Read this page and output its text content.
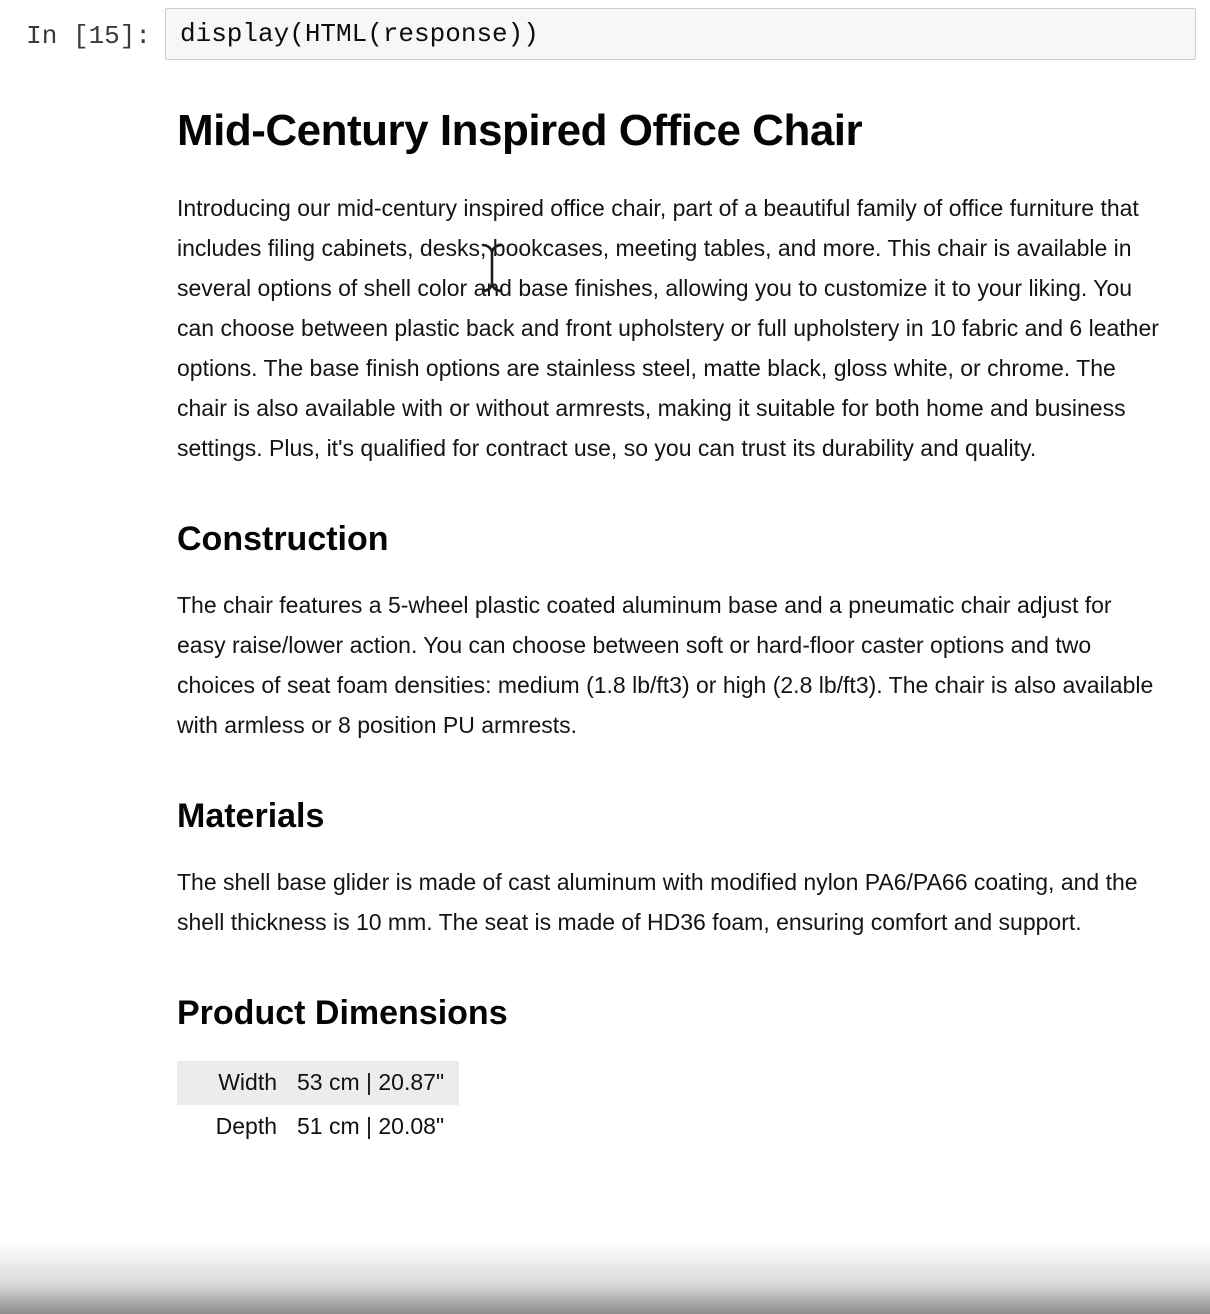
In [15]:	display(HTML(response))
Mid-Century Inspired Office Chair

Introducing our mid-century inspired office chair, part of a beautiful family of office furniture that includes filing cabinets, desks, bookcases, meeting tables, and more. This chair is available in several options of shell color and base finishes, allowing you to customize it to your liking. You can choose between plastic back and front upholstery or full upholstery in 10 fabric and 6 leather options. The base finish options are stainless steel, matte black, gloss white, or chrome. The chair is also available with or without armrests, making it suitable for both home and business settings. Plus, it's qualified for contract use, so you can trust its durability and quality.

Construction

The chair features a 5-wheel plastic coated aluminum base and a pneumatic chair adjust for easy raise/lower action. You can choose between soft or hard-floor caster options and two choices of seat foam densities: medium (1.8 lb/ft3) or high (2.8 lb/ft3). The chair is also available with armless or 8 position PU armrests.

Materials

The shell base glider is made of cast aluminum with modified nylon PA6/PA66 coating, and the shell thickness is 10 mm. The seat is made of HD36 foam, ensuring comfort and support.

Product Dimensions
Width	53 cm | 20.87"
Depth	51 cm | 20.08"
